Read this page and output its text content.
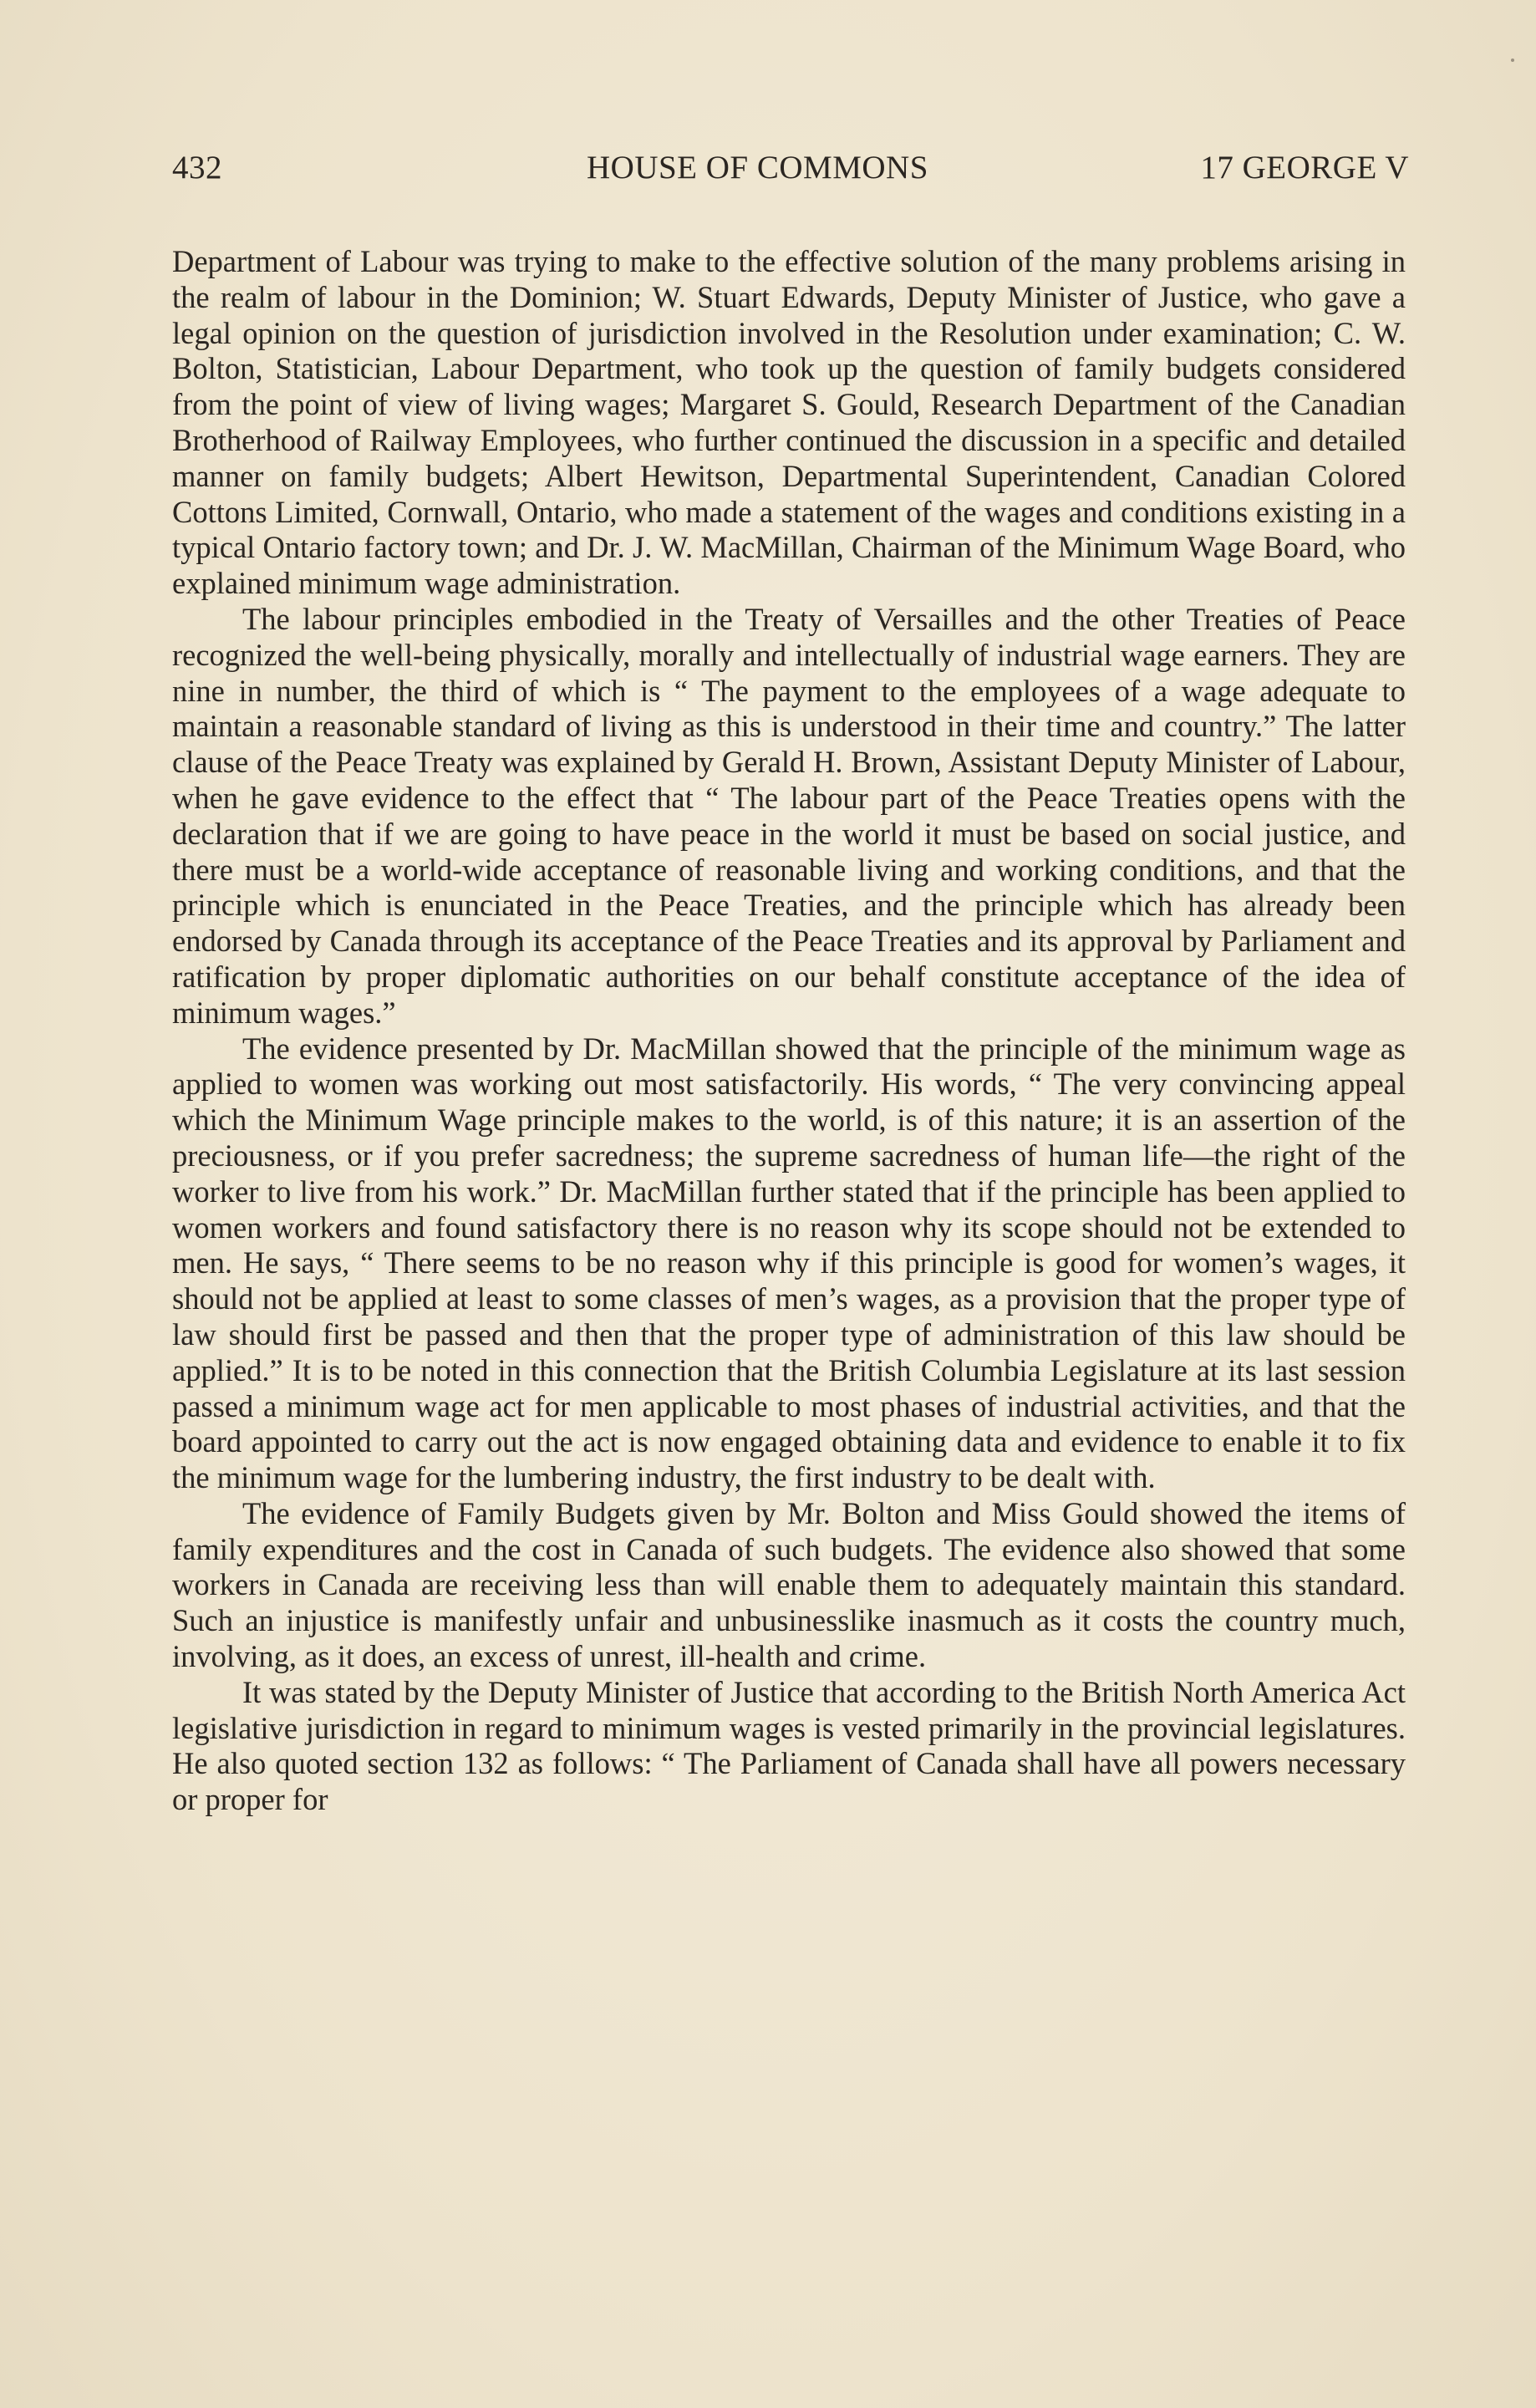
432	HOUSE OF COMMONS	17 GEORGE V

Department of Labour was trying to make to the effective solution of the many problems arising in the realm of labour in the Dominion; W. Stuart Edwards, Deputy Minister of Justice, who gave a legal opinion on the question of jurisdiction involved in the Resolution under examination; C. W. Bolton, Statistician, Labour Department, who took up the question of family budgets considered from the point of view of living wages; Margaret S. Gould, Research Department of the Canadian Brotherhood of Railway Employees, who further continued the discussion in a specific and detailed manner on family budgets; Albert Hewitson, Departmental Superintendent, Canadian Colored Cottons Limited, Cornwall, Ontario, who made a statement of the wages and conditions existing in a typical Ontario factory town; and Dr. J. W. MacMillan, Chairman of the Minimum Wage Board, who explained minimum wage administration.

The labour principles embodied in the Treaty of Versailles and the other Treaties of Peace recognized the well-being physically, morally and intellectually of industrial wage earners. They are nine in number, the third of which is “ The payment to the employees of a wage adequate to maintain a reasonable standard of living as this is understood in their time and country.” The latter clause of the Peace Treaty was explained by Gerald H. Brown, Assistant Deputy Minister of Labour, when he gave evidence to the effect that “ The labour part of the Peace Treaties opens with the declaration that if we are going to have peace in the world it must be based on social justice, and there must be a world-wide acceptance of reasonable living and working conditions, and that the principle which is enunciated in the Peace Treaties, and the principle which has already been endorsed by Canada through its acceptance of the Peace Treaties and its approval by Parliament and ratification by proper diplomatic authorities on our behalf constitute acceptance of the idea of minimum wages.”

The evidence presented by Dr. MacMillan showed that the principle of the minimum wage as applied to women was working out most satisfactorily. His words, “ The very convincing appeal which the Minimum Wage principle makes to the world, is of this nature; it is an assertion of the preciousness, or if you prefer sacredness; the supreme sacredness of human life—the right of the worker to live from his work.” Dr. MacMillan further stated that if the principle has been applied to women workers and found satisfactory there is no reason why its scope should not be extended to men. He says, “ There seems to be no reason why if this principle is good for women’s wages, it should not be applied at least to some classes of men’s wages, as a provision that the proper type of law should first be passed and then that the proper type of administration of this law should be applied.” It is to be noted in this connection that the British Columbia Legislature at its last session passed a minimum wage act for men applicable to most phases of industrial activities, and that the board appointed to carry out the act is now engaged obtaining data and evidence to enable it to fix the minimum wage for the lumbering industry, the first industry to be dealt with.

The evidence of Family Budgets given by Mr. Bolton and Miss Gould showed the items of family expenditures and the cost in Canada of such budgets. The evidence also showed that some workers in Canada are receiving less than will enable them to adequately maintain this standard. Such an injustice is manifestly unfair and unbusinesslike inasmuch as it costs the country much, involving, as it does, an excess of unrest, ill-health and crime.

It was stated by the Deputy Minister of Justice that according to the British North America Act legislative jurisdiction in regard to minimum wages is vested primarily in the provincial legislatures. He also quoted section 132 as follows: “ The Parliament of Canada shall have all powers necessary or proper for
